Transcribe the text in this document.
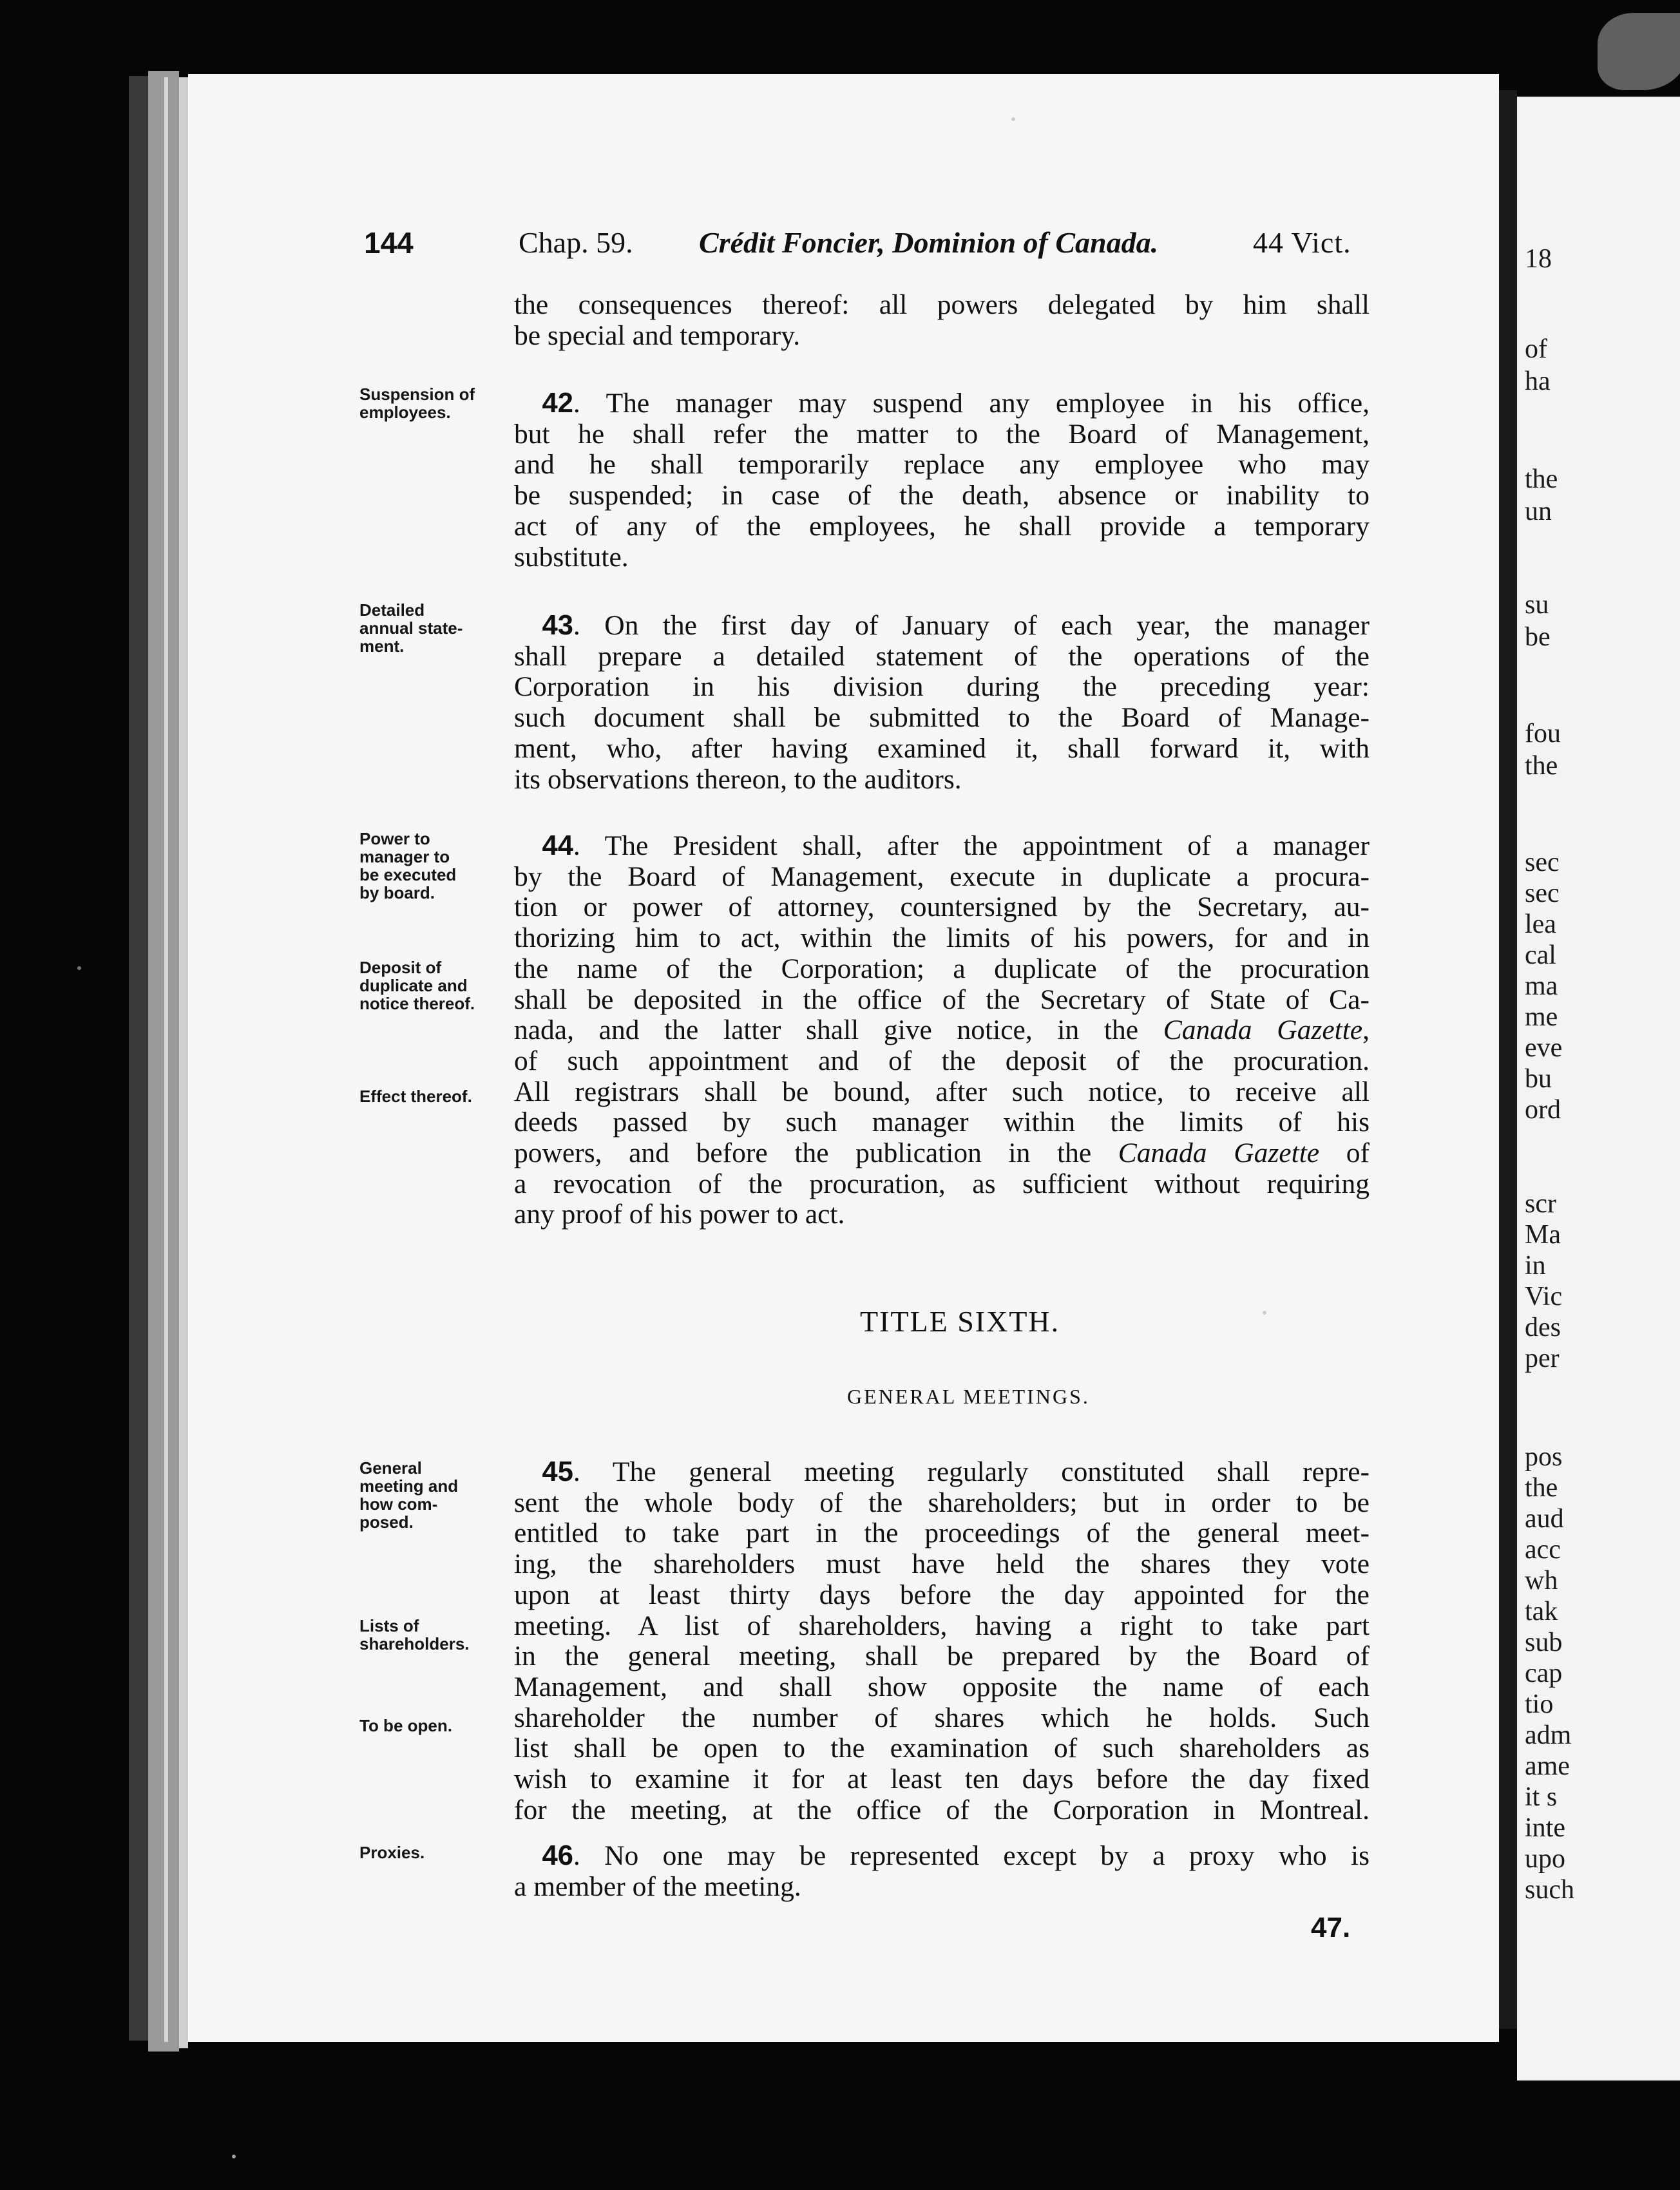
18
of
ha
the
un
su
be
fou
the
sec
sec
lea
cal
ma
me
eve
bu
ord
scr
Ma
in
Vic
des
per
pos
the
aud
acc
wh
tak
sub
cap
tio
adm
ame
it s
inte
upo
such
144	Chap. 59. Crédit Foncier, Dominion of Canada.	44 Vict.
the consequences thereof: all powers delegated by him shall
be special and temporary.
Suspension of
employees.
 	42. The manager may suspend any employee in his office,
but he shall refer the matter to the Board of Management,
and he shall temporarily replace any employee who may
be suspended; in case of the death, absence or inability to
act of any of the employees, he shall provide a temporary
substitute.
Detailed
annual state-
ment.
 43. On the first day of January of each year, the manager
shall prepare a detailed statement of the operations of the
Corporation in his division during the preceding year:
such document shall be submitted to the Board of Manage-
ment, who, after having examined it, shall forward it, with
its observations thereon, to the auditors.
Power to
manager to
be executed
by board.
Deposit of
duplicate and
notice thereof.
Effect thereof.
 44. The President shall, after the appointment of a manager
by the Board of Management, execute in duplicate a procura-
tion or power of attorney, countersigned by the Secretary, au-
thorizing him to act, within the limits of his powers, for and in
the name of the Corporation; a duplicate of the procuration
shall be deposited in the office of the Secretary of State of Ca-
nada, and the latter shall give notice, in the Canada Gazette,
of such appointment and of the deposit of the procuration.
All registrars shall be bound, after such notice, to receive all
deeds passed by such manager within the limits of his
powers, and before the publication in the Canada Gazette of
a revocation of the procuration, as sufficient without requiring
any proof of his power to act.
TITLE SIXTH.
GENERAL MEETINGS.
General
meeting and
how com-
posed.
Lists of
shareholders.
To be open.
 45. The general meeting regularly constituted shall repre-
sent the whole body of the shareholders; but in order to be
entitled to take part in the proceedings of the general meet-
ing, the shareholders must have held the shares they vote
upon at least thirty days before the day appointed for the
meeting. A list of shareholders, having a right to take part
in the general meeting, shall be prepared by the Board of
Management, and shall show opposite the name of each
shareholder the number of shares which he holds. Such
list shall be open to the examination of such shareholders as
wish to examine it for at least ten days before the day fixed
for the meeting, at the office of the Corporation in Montreal.
Proxies.
 	46. No one may be represented except by a proxy who is
a member of the meeting.
47.
